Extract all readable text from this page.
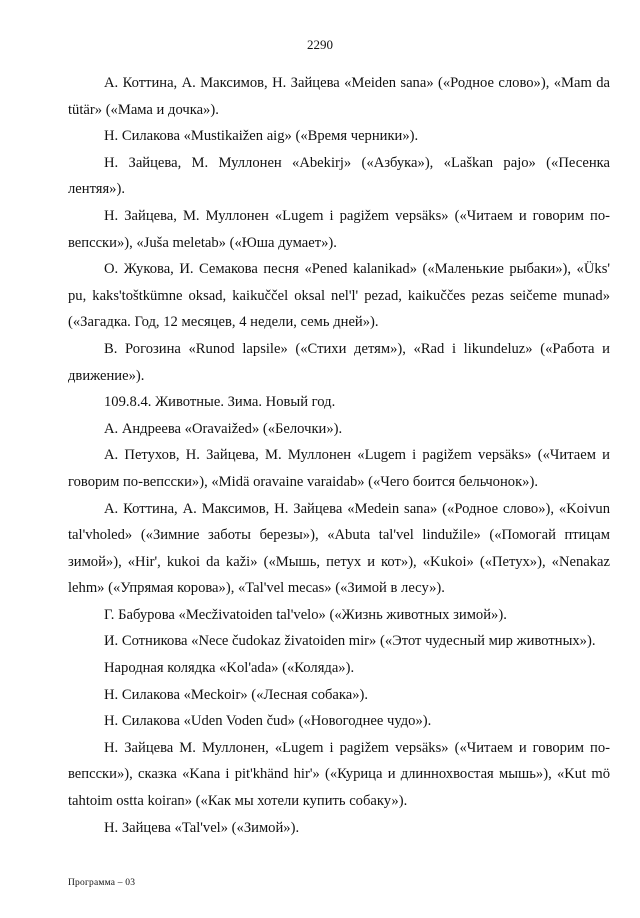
2290

А. Коттина, А. Максимов, Н. Зайцева «Meiden sana» («Родное слово»), «Mam da tütär» («Мама и дочка»).

Н. Силакова «Mustikaižen aig» («Время черники»).

Н. Зайцева, М. Муллонен «Abekirj» («Азбука»), «Laškan pajo» («Песенка лентяя»).

Н. Зайцева, М. Муллонен «Lugem i pagižem vepsäks» («Читаем и говорим по-вепсски»), «Juša meletab» («Юша думает»).

О. Жукова, И. Семакова песня «Pened kalanikad» («Маленькие рыбаки»), «Üks' pu, kaks'toštkümne oksad, kaikuččel oksal nel'l' pezad, kaikuččes pezas seičeme munad» («Загадка. Год, 12 месяцев, 4 недели, семь дней»).

В. Рогозина «Runod lapsile» («Стихи детям»), «Rad i likundeluz» («Работа и движение»).

109.8.4. Животные. Зима. Новый год.

А. Андреева «Oravaižed» («Белочки»).

А. Петухов, Н. Зайцева, М. Муллонен «Lugem i pagižem vepsäks» («Читаем и говорим по-вепсски»), «Midä oravaine varaidab» («Чего боится бельчонок»).

А. Коттина, А. Максимов, Н. Зайцева «Medein sana» («Родное слово»), «Koivun tal'vholed» («Зимние заботы березы»), «Abuta tal'vel lindužile» («Помогай птицам зимой»), «Hir', kukoi da kaži» («Мышь, петух и кот»), «Kukoi» («Петух»), «Nenakaz lehm» («Упрямая корова»), «Tal'vel mecas» («Зимой в лесу»).

Г. Бабурова «Mecživatoiden tal'velo» («Жизнь животных зимой»).

И. Сотникова «Nece čudokaz živatoiden mir» («Этот чудесный мир животных»).

Народная колядка «Kol'ada» («Коляда»).

Н. Силакова «Meckoir» («Лесная собака»).

Н. Силакова «Uden Voden čud» («Новогоднее чудо»).

Н. Зайцева М. Муллонен, «Lugem i pagižem vepsäks» («Читаем и говорим по-вепсски»), сказка «Kana i pit'khänd hir'» («Курица и длиннохвостая мышь»), «Kut mö tahtoim ostta koiran» («Как мы хотели купить собаку»).

Н. Зайцева «Tal'vel» («Зимой»).

Программа – 03
